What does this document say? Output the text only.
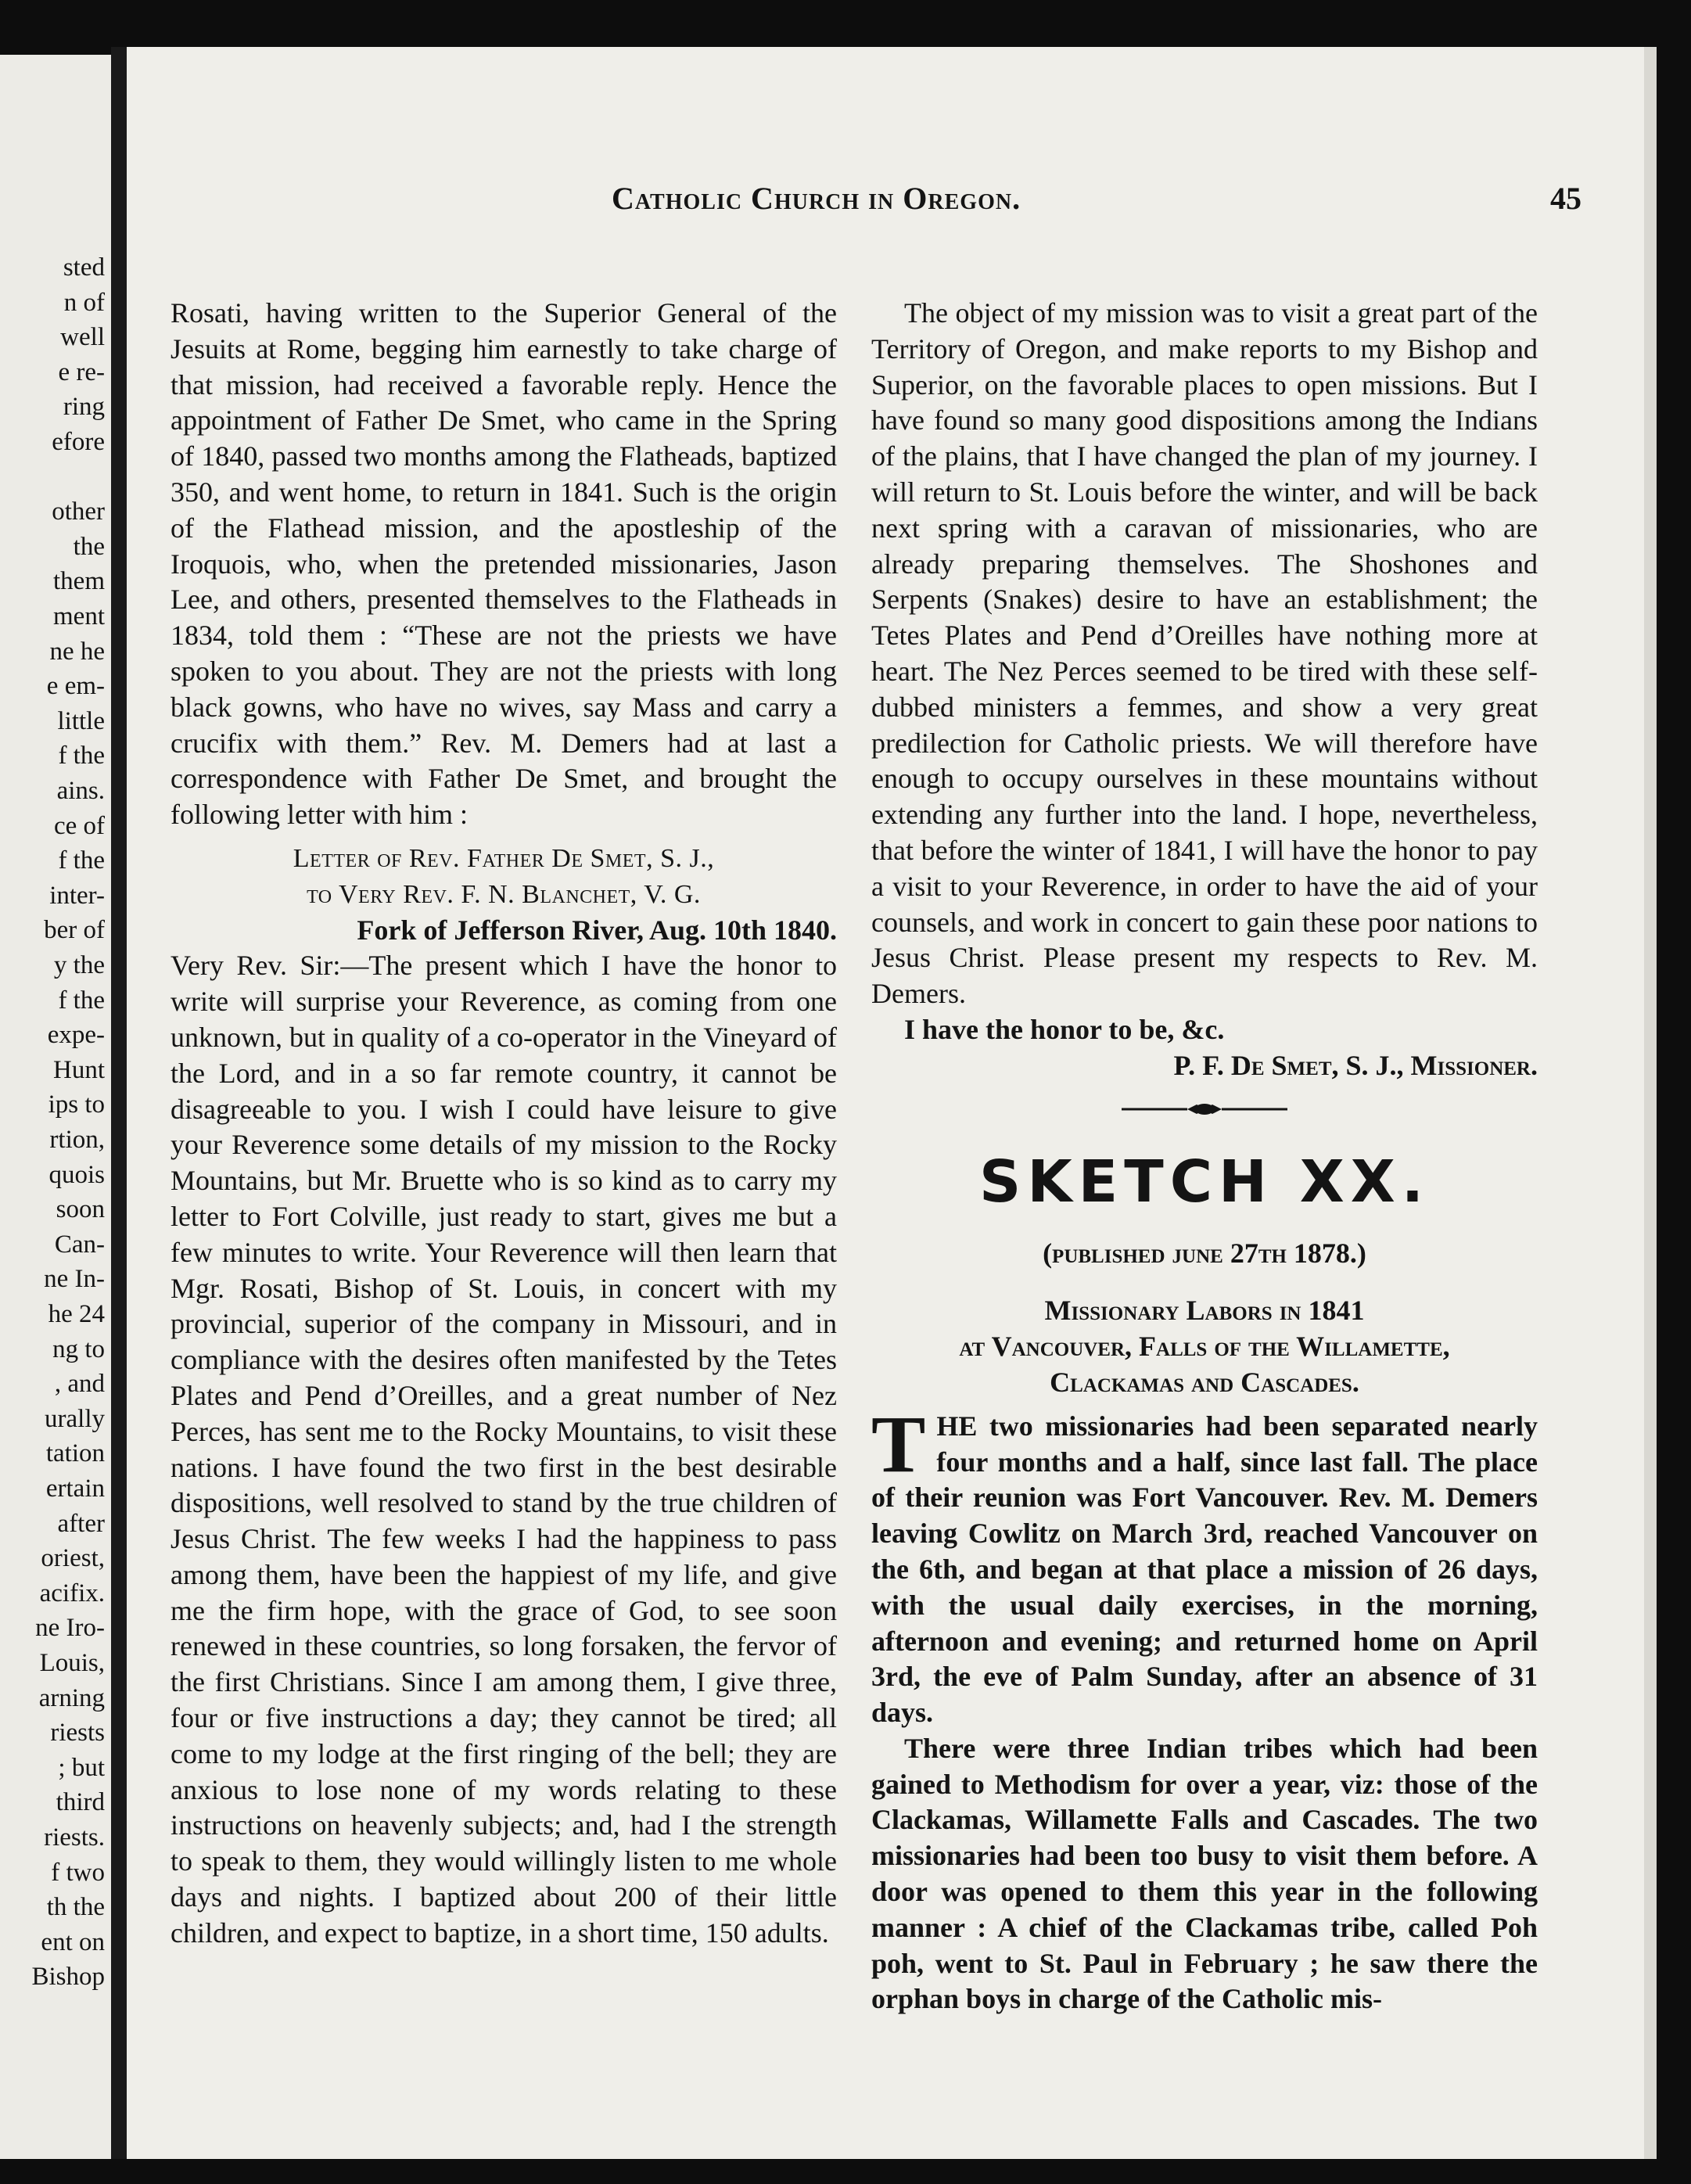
sted
n of
well
e re-
ring
efore
other
the
them
ment
ne he
e em-
little
f the
ains.
ce of
f the
inter-
ber of
y the
f the
expe-
Hunt
ips to
rtion,
quois
soon
Can-
ne In-
he 24
ng to
, and
urally
tation
ertain
after
oriest,
acifix.
ne Iro-
Louis,
arning
riests
; but
third
riests.
f two
th the
ent on
Bishop
Catholic Church in Oregon.	45

Rosati, having written to the Superior General of the Jesuits at Rome, begging him earnestly to take charge of that mission, had received a favorable reply. Hence the appointment of Father De Smet, who came in the Spring of 1840, passed two months among the Flatheads, baptized 350, and went home, to return in 1841. Such is the origin of the Flathead mission, and the apostleship of the Iroquois, who, when the pretended missionaries, Jason Lee, and others, presented themselves to the Flatheads in 1834, told them : “These are not the priests we have spoken to you about. They are not the priests with long black gowns, who have no wives, say Mass and carry a crucifix with them.” Rev. M. Demers had at last a correspondence with Father De Smet, and brought the following letter with him :

Letter of Rev. Father De Smet, S. J.,

to Very Rev. F. N. Blanchet, V. G.

Fork of Jefferson River, Aug. 10th 1840.

Very Rev. Sir:—The present which I have the honor to write will surprise your Reverence, as coming from one unknown, but in quality of a co-operator in the Vineyard of the Lord, and in a so far remote country, it cannot be disagreeable to you. I wish I could have leisure to give your Reverence some details of my mission to the Rocky Mountains, but Mr. Bruette who is so kind as to carry my letter to Fort Colville, just ready to start, gives me but a few minutes to write. Your Reverence will then learn that Mgr. Rosati, Bishop of St. Louis, in concert with my provincial, superior of the company in Missouri, and in compliance with the desires often manifested by the Tetes Plates and Pend d’Oreilles, and a great number of Nez Perces, has sent me to the Rocky Mountains, to visit these nations. I have found the two first in the best desirable dispositions, well resolved to stand by the true children of Jesus Christ. The few weeks I had the happiness to pass among them, have been the happiest of my life, and give me the firm hope, with the grace of God, to see soon renewed in these countries, so long forsaken, the fervor of the first Christians. Since I am among them, I give three, four or five instructions a day; they cannot be tired; all come to my lodge at the first ringing of the bell; they are anxious to lose none of my words relating to these instructions on heavenly subjects; and, had I the strength to speak to them, they would willingly listen to me whole days and nights. I baptized about 200 of their little children, and expect to baptize, in a short time, 150 adults.

The object of my mission was to visit a great part of the Territory of Oregon, and make reports to my Bishop and Superior, on the favorable places to open missions. But I have found so many good dispositions among the Indians of the plains, that I have changed the plan of my journey. I will return to St. Louis before the winter, and will be back next spring with a caravan of missionaries, who are already preparing themselves. The Shoshones and Serpents (Snakes) desire to have an establishment; the Tetes Plates and Pend d’Oreilles have nothing more at heart. The Nez Perces seemed to be tired with these self-dubbed ministers a femmes, and show a very great predilection for Catholic priests. We will therefore have enough to occupy ourselves in these mountains without extending any further into the land. I hope, nevertheless, that before the winter of 1841, I will have the honor to pay a visit to your Reverence, in order to have the aid of your counsels, and work in concert to gain these poor nations to Jesus Christ. Please present my respects to Rev. M. Demers.

I have the honor to be, &c.

P. F. De Smet, S. J., Missioner.

SKETCH XX.
(published june 27th 1878.)

Missionary Labors in 1841

at Vancouver, Falls of the Willamette,

Clackamas and Cascades.

THE two missionaries had been separated nearly four months and a half, since last fall. The place of their reunion was Fort Vancouver. Rev. M. Demers leaving Cowlitz on March 3rd, reached Vancouver on the 6th, and began at that place a mission of 26 days, with the usual daily exercises, in the morning, afternoon and evening; and returned home on April 3rd, the eve of Palm Sunday, after an absence of 31 days.

There were three Indian tribes which had been gained to Methodism for over a year, viz: those of the Clackamas, Willamette Falls and Cascades. The two missionaries had been too busy to visit them before. A door was opened to them this year in the following manner : A chief of the Clackamas tribe, called Poh poh, went to St. Paul in February ; he saw there the orphan boys in charge of the Catholic mis-
